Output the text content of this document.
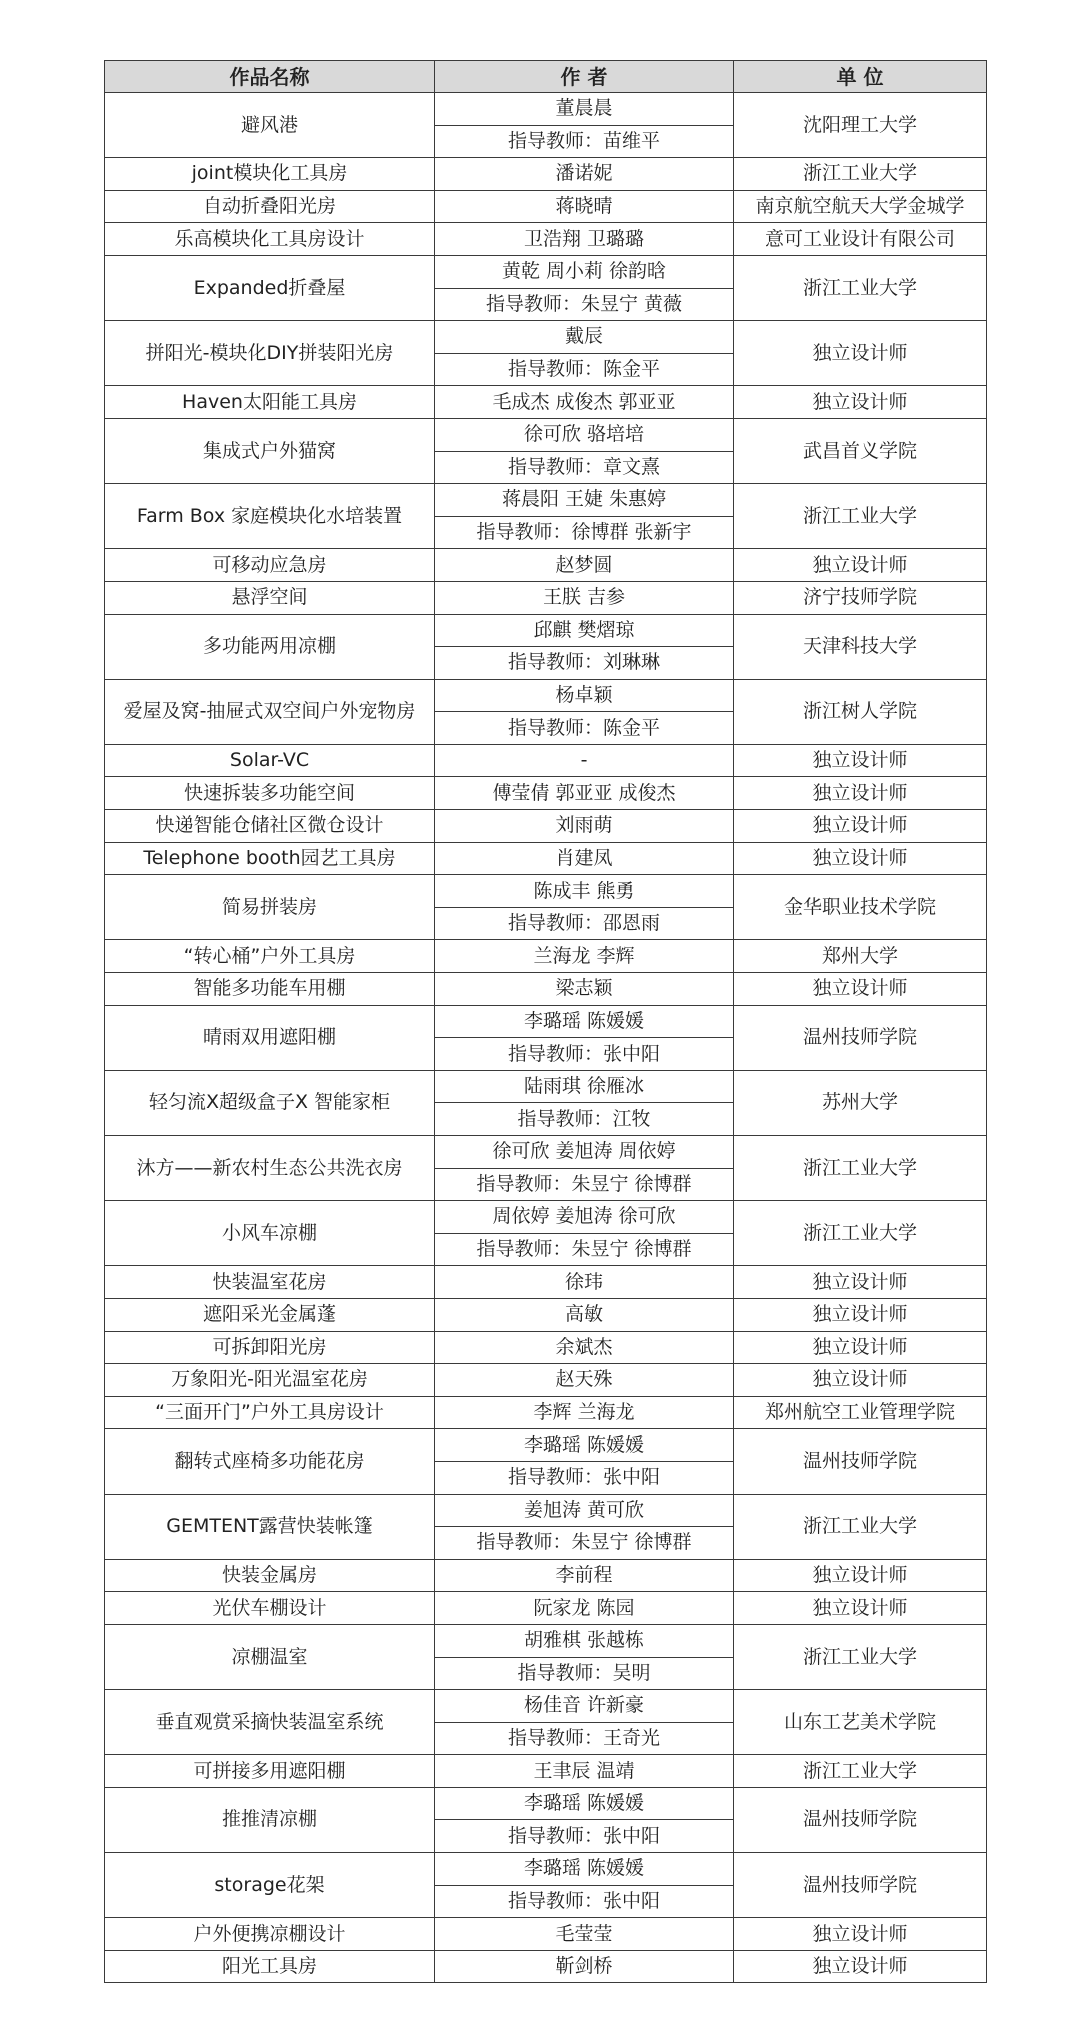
作品名称	作 者	单 位
避风港	董晨晨	沈阳理工大学
	指导教师：苗维平	
joint模块化工具房	潘诺妮	浙江工业大学
自动折叠阳光房	蒋晓晴	南京航空航天大学金城学
乐高模块化工具房设计	卫浩翔 卫璐璐	意可工业设计有限公司
Expanded折叠屋	黄乾 周小莉 徐韵晗	浙江工业大学
	指导教师：朱昱宁 黄薇	
拼阳光-模块化DIY拼装阳光房	戴辰	独立设计师
	指导教师：陈金平	
Haven太阳能工具房	毛成杰 成俊杰 郭亚亚	独立设计师
集成式户外猫窝	徐可欣 骆培培	武昌首义学院
	指导教师：章文熹	
Farm Box 家庭模块化水培装置	蒋晨阳 王婕 朱惠婷	浙江工业大学
	指导教师：徐博群 张新宇	
可移动应急房	赵梦圆	独立设计师
悬浮空间	王朕 吉参	济宁技师学院
多功能两用凉棚	邱麒 樊熠琼	天津科技大学
	指导教师：刘琳琳	
爱屋及窝-抽屉式双空间户外宠物房	杨卓颖	浙江树人学院
	指导教师：陈金平	
Solar-VC	-	独立设计师
快速拆装多功能空间	傅莹倩 郭亚亚 成俊杰	独立设计师
快递智能仓储社区微仓设计	刘雨萌	独立设计师
Telephone booth园艺工具房	肖建凤	独立设计师
简易拼装房	陈成丰 熊勇	金华职业技术学院
	指导教师：邵恩雨	
“转心桶”户外工具房	兰海龙 李辉	郑州大学
智能多功能车用棚	梁志颖	独立设计师
晴雨双用遮阳棚	李璐瑶 陈媛媛	温州技师学院
	指导教师：张中阳	
轻匀流X超级盒子X 智能家柜	陆雨琪 徐雁冰	苏州大学
	指导教师：江牧	
沐方——新农村生态公共洗衣房	徐可欣 姜旭涛 周依婷	浙江工业大学
	指导教师：朱昱宁 徐博群	
小风车凉棚	周依婷 姜旭涛 徐可欣	浙江工业大学
	指导教师：朱昱宁 徐博群	
快装温室花房	徐玮	独立设计师
遮阳采光金属蓬	高敏	独立设计师
可拆卸阳光房	余斌杰	独立设计师
万象阳光-阳光温室花房	赵天殊	独立设计师
“三面开门”户外工具房设计	李辉 兰海龙	郑州航空工业管理学院
翻转式座椅多功能花房	李璐瑶 陈媛媛	温州技师学院
	指导教师：张中阳	
GEMTENT露营快装帐篷	姜旭涛 黄可欣	浙江工业大学
	指导教师：朱昱宁 徐博群	
快装金属房	李前程	独立设计师
光伏车棚设计	阮家龙 陈园	独立设计师
凉棚温室	胡雅棋 张越栋	浙江工业大学
	指导教师：吴明	
垂直观赏采摘快装温室系统	杨佳音 许新豪	山东工艺美术学院
	指导教师：王奇光	
可拼接多用遮阳棚	王聿辰 温靖	浙江工业大学
推推清凉棚	李璐瑶 陈媛媛	温州技师学院
	指导教师：张中阳	
storage花架	李璐瑶 陈媛媛	温州技师学院
	指导教师：张中阳	
户外便携凉棚设计	毛莹莹	独立设计师
阳光工具房	靳剑桥	独立设计师
